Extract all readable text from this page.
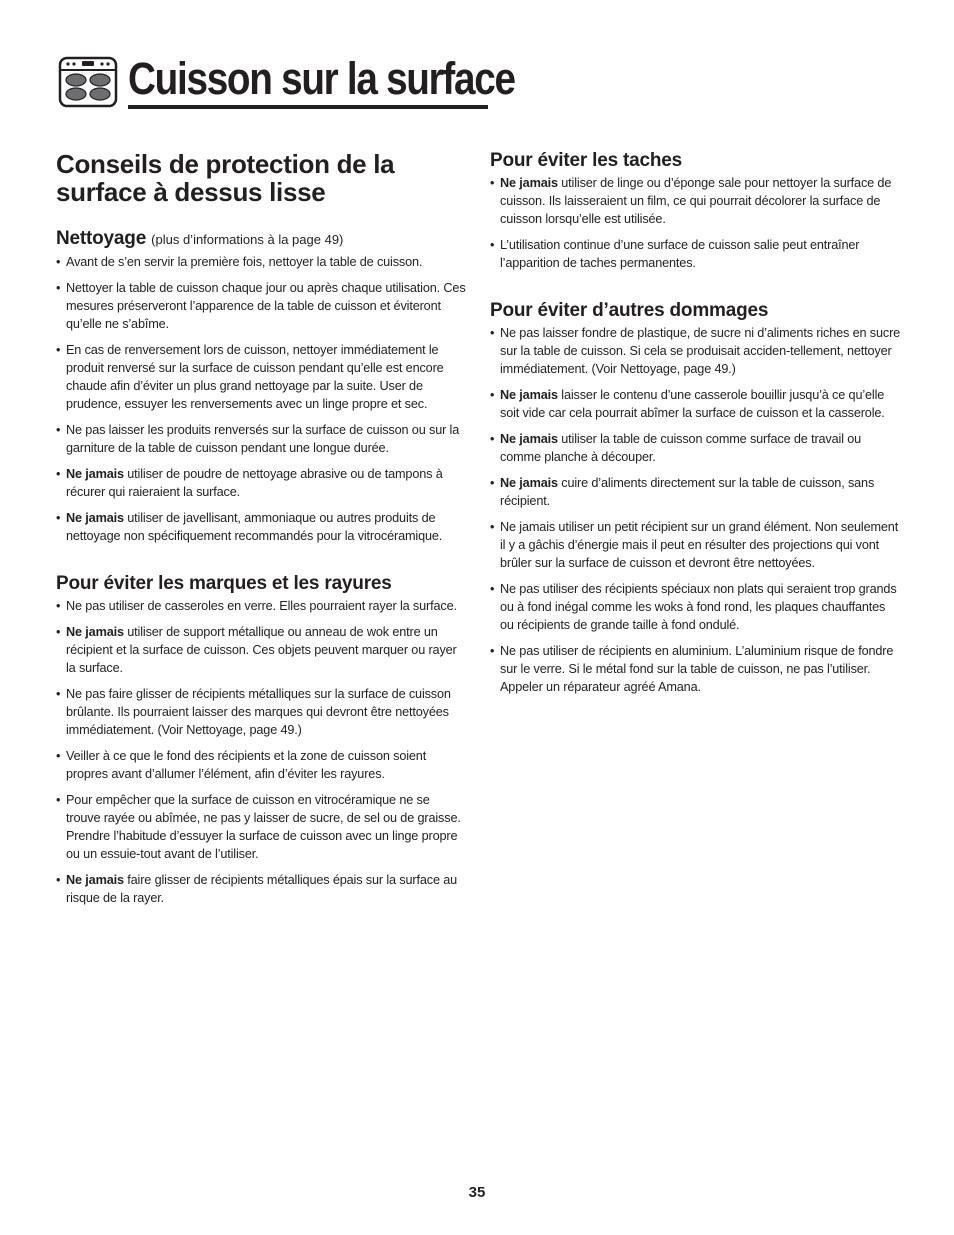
Cuisson sur la surface
Conseils de protection de la surface à dessus lisse
Nettoyage (plus d’informations à la page 49)
• Avant de s’en servir la première fois, nettoyer la table de cuisson.
• Nettoyer la table de cuisson chaque jour ou après chaque utilisation. Ces mesures préserveront l’apparence de la table de cuisson et éviteront qu’elle ne s’abîme.
• En cas de renversement lors de cuisson, nettoyer immédiatement le produit renversé sur la surface de cuisson pendant qu’elle est encore chaude afin d’éviter un plus grand nettoyage par la suite. User de prudence, essuyer les renversements avec un linge propre et sec.
• Ne pas laisser les produits renversés sur la surface de cuisson ou sur la garniture de la table de cuisson pendant une longue durée.
• Ne jamais utiliser de poudre de nettoyage abrasive ou de tampons à récurer qui raieraient la surface.
• Ne jamais utiliser de javellisant, ammoniaque ou autres produits de nettoyage non spécifiquement recommandés pour la vitrocéramique.
Pour éviter les marques et les rayures
• Ne pas utiliser de casseroles en verre. Elles pourraient rayer la surface.
• Ne jamais utiliser de support métallique ou anneau de wok entre un récipient et la surface de cuisson. Ces objets peuvent marquer ou rayer la surface.
• Ne pas faire glisser de récipients métalliques sur la surface de cuisson brûlante. Ils pourraient laisser des marques qui devront être nettoyées immédiatement. (Voir Nettoyage, page 49.)
• Veiller à ce que le fond des récipients et la zone de cuisson soient propres avant d’allumer l’élément, afin d’éviter les rayures.
• Pour empêcher que la surface de cuisson en vitrocéramique ne se trouve rayée ou abîmée, ne pas y laisser de sucre, de sel ou de graisse. Prendre l’habitude d’essuyer la surface de cuisson avec un linge propre ou un essuie-tout avant de l’utiliser.
• Ne jamais faire glisser de récipients métalliques épais sur la surface au risque de la rayer.
Pour éviter les taches
• Ne jamais utiliser de linge ou d’éponge sale pour nettoyer la surface de cuisson. Ils laisseraient un film, ce qui pourrait décolorer la surface de cuisson lorsqu’elle est utilisée.
• L’utilisation continue d’une surface de cuisson salie peut entraîner l’apparition de taches permanentes.
Pour éviter d’autres dommages
• Ne pas laisser fondre de plastique, de sucre ni d’aliments riches en sucre sur la table de cuisson. Si cela se produisait acciden-tellement, nettoyer immédiatement. (Voir Nettoyage, page 49.)
• Ne jamais laisser le contenu d’une casserole bouillir jusqu’à ce qu’elle soit vide car cela pourrait abîmer la surface de cuisson et la casserole.
• Ne jamais utiliser la table de cuisson comme surface de travail ou comme planche à découper.
• Ne jamais cuire d’aliments directement sur la table de cuisson, sans récipient.
• Ne jamais utiliser un petit récipient sur un grand élément. Non seulement il y a gâchis d’énergie mais il peut en résulter des projections qui vont brûler sur la surface de cuisson et devront être nettoyées.
• Ne pas utiliser des récipients spéciaux non plats qui seraient trop grands ou à fond inégal comme les woks à fond rond, les plaques chauffantes ou récipients de grande taille à fond ondulé.
• Ne pas utiliser de récipients en aluminium. L’aluminium risque de fondre sur le verre. Si le métal fond sur la table de cuisson, ne pas l’utiliser. Appeler un réparateur agréé Amana.
35
